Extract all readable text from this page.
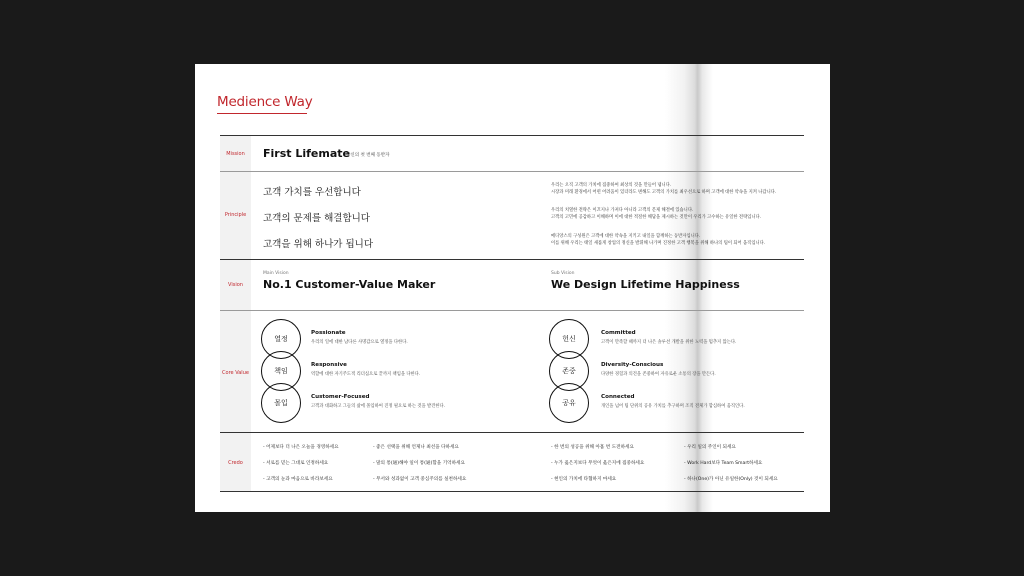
Medience Way
Mission
Principle
Vision
Core Value
Credo
First Lifemate
당신의 첫 번째 동반자
고객 가치를 우선합니다
고객의 문제를 해결합니다
고객을 위해 하나가 됩니다
우리는 오직 고객의 가치에 집중하여 최상의 것을 만들어 냅니다.
시장과 미래 환경에서 어떤 어려움이 있더라도 변해도 고객의 가치를 최우선으로 하며 고객에 대한 약속을 지켜 나갑니다.
우리의 치열한 전략은 이끄지나 가져다 아니라 고객의 문제 해결에 있습니다.
고객의 고민에 공감하고 이해하며 이에 대한 적절한 해답을 제시하는 것만이 우리가 고수하는 유일한 전략입니다.
메디앙스의 구성원은 고객에 대한 약속을 지키고 내일을 함께하는 동반자입니다.
이를 위해 우리는 태일 새롭게 창업의 정신을 발휘해 나가며 진정한 고객 행복을 위해 하나의 팀이 되어 움직입니다.
Main Vision
No.1 Customer-Value Maker
Sub Vision
We Design Lifetime Happiness
열정
책임
몰입
Possionate
우리의 일에 대한 남다른 사명감으로 열정을 다한다.
Responsive
역할에 대한 자기주도적 리더십으로 끝까지 책임을 다한다.
Customer-Focused
고객과 대화하고 그들의 삶에 몰입하여 진정 필요로 하는 것을 발견한다.
헌신
존중
공유
Committed
고객이 만족할 때까지 더 나은 솔루션 개발을 위한 노력을 멈추지 않는다.
Diversity-Conscious
다양한 경험과 의견을 존중하여 자유로운 소통의 장을 만든다.
Connected
개인을 넘어 팀 단위의 공유 가치를 추구하며 조직 전체가 합심하여 움직인다.
- 어제보다 더 나은 오늘을 경영하세요
- 서로를 믿는 그대로 인정하세요
- 고객의 눈과 마음으로 바라보세요
- 좋은 선택을 위해 언제나 최선을 다하세요
- 말의 통(通)해야 일이 통(通)함을 기억하세요
- 무서와 성과없이 고객 중심주의를 실천하세요
- 한 번의 성공을 위해 아홉 번 도전하세요
- 누가 옳은지보다 무엇이 옳은지에 집중하세요
- 현인의 가치에 타협하지 마세요
- 우리 일의 주인이 되세요
- Work Hard보다 Team Smart하세요
- 하나(One)가 아닌 유일한(Only) 것이 되세요
